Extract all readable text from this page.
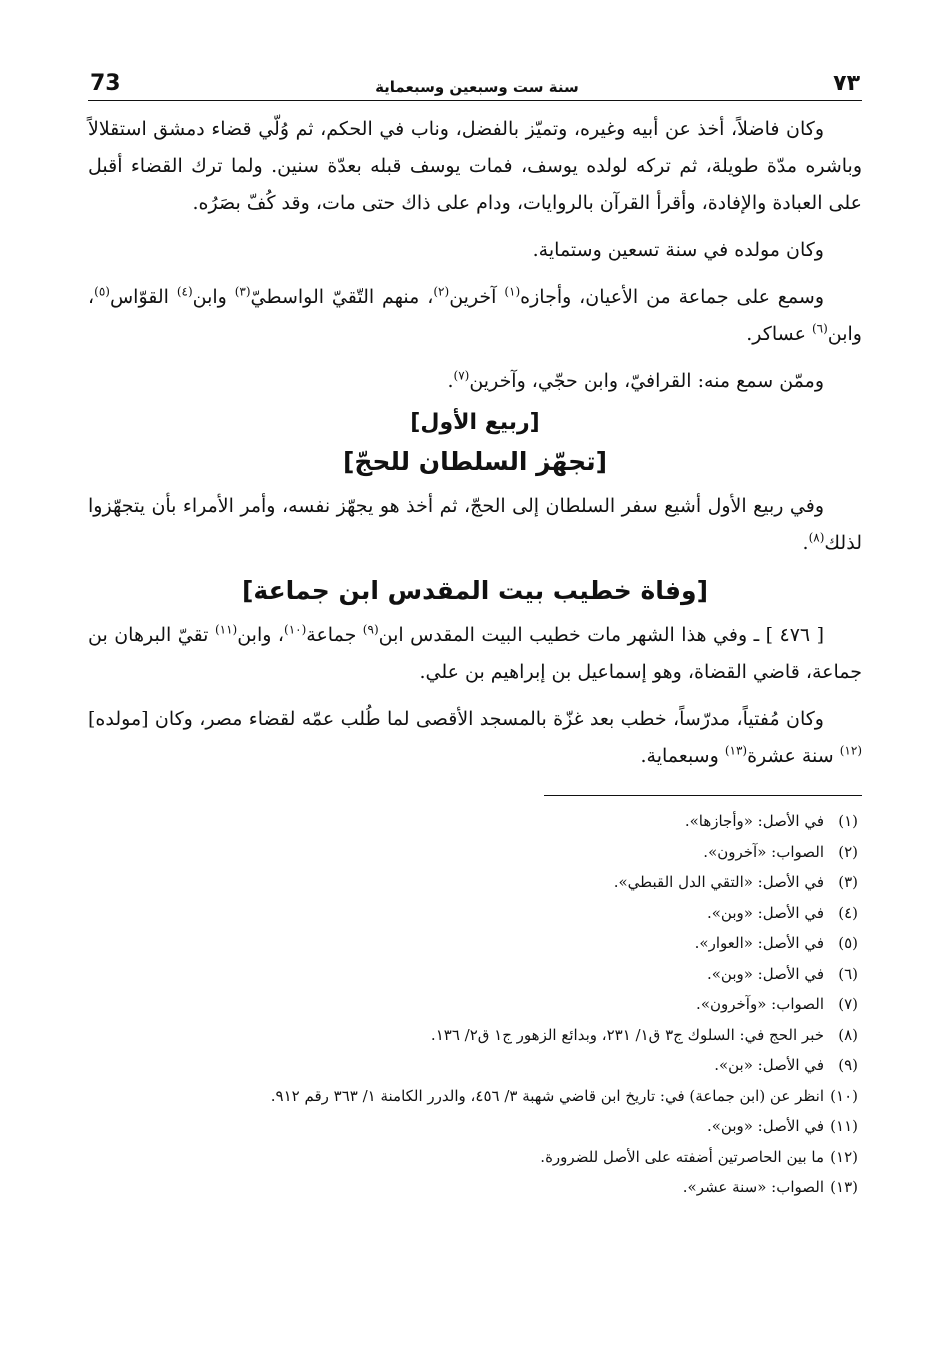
73	سنة ست وسبعين وسبعماية	٧٣

وكان فاضلاً، أخذ عن أبيه وغيره، وتميّز بالفضل، وناب في الحكم، ثم وُلّي قضاء دمشق استقلالاً وباشره مدّة طويلة، ثم تركه لولده يوسف، فمات يوسف قبله بعدّة سنين. ولما ترك القضاء أقبل على العبادة والإفادة، وأقرأ القرآن بالروايات، ودام على ذاك حتى مات، وقد كُفّ بصَرُه.

وكان مولده في سنة تسعين وستماية.

وسمع على جماعة من الأعيان، وأجازه$^{(١)}$ آخرين$^{(٢)}$، منهم التّقيّ الواسطيّ$^{(٣)}$ وابن$^{(٤)}$ القوّاس$^{(٥)}$، وابن$^{(٦)}$ عساكر.

وممّن سمع منه: القرافيّ، وابن حجّي، وآخرين$^{(٧)}$.

[ربيع الأول]
[تجهّز السلطان للحجّ]

وفي ربيع الأول أشيع سفر السلطان إلى الحجّ، ثم أخذ هو يجهّز نفسه، وأمر الأمراء بأن يتجهّزوا لذلك$^{(٨)}$.

[وفاة خطيب بيت المقدس ابن جماعة]

[ ٤٧٦ ] ـ وفي هذا الشهر مات خطيب البيت المقدس ابن$^{(٩)}$ جماعة$^{(١٠)}$، وابن$^{(١١)}$ تقيّ البرهان بن جماعة، قاضي القضاة، وهو إسماعيل بن إبراهيم بن علي.

وكان مُفتياً، مدرّساً، خطب بعد غزّة بالمسجد الأقصى لما طُلب عمّه لقضاء مصر، وكان [مولده]$^{(١٢)}$ سنة عشرة$^{(١٣)}$ وسبعماية.

(١)في الأصل: «وأجازها».
(٢)الصواب: «آخرون».
(٣)في الأصل: «التقي الدل القبطي».
(٤)في الأصل: «وبن».
(٥)في الأصل: «العوار».
(٦)في الأصل: «وبن».
(٧)الصواب: «وآخرون».
(٨)خبر الحج في: السلوك ج٣ ق١/ ٢٣١، وبدائع الزهور ج١ ق٢/ ١٣٦.
(٩)في الأصل: «بن».
(١٠)انظر عن (ابن جماعة) في: تاريخ ابن قاضي شهبة ٣/ ٤٥٦، والدرر الكامنة ١/ ٣٦٣ رقم ٩١٢.
(١١)في الأصل: «وبن».
(١٢)ما بين الحاصرتين أضفته على الأصل للضرورة.
(١٣)الصواب: «سنة عشر».
